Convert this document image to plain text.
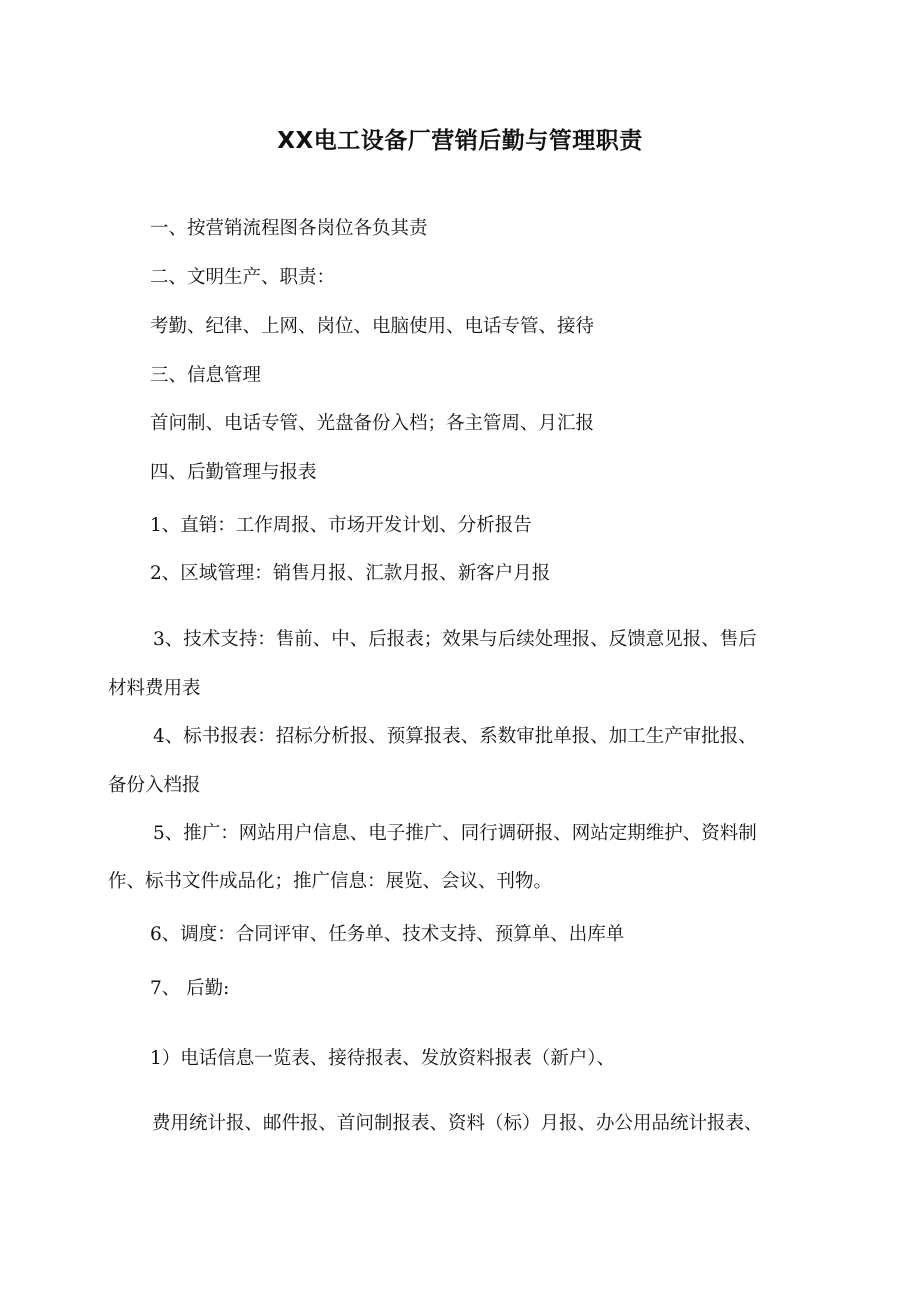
XX电工设备厂营销后勤与管理职责

一、按营销流程图各岗位各负其责

二、文明生产、职责：

考勤、纪律、上网、岗位、电脑使用、电话专管、接待

三、信息管理

首问制、电话专管、光盘备份入档；各主管周、月汇报

四、后勤管理与报表

1、直销：工作周报、市场开发计划、分析报告

2、区域管理：销售月报、汇款月报、新客户月报

3、技术支持：售前、中、后报表；效果与后续处理报、反馈意见报、售后

材料费用表

4、标书报表：招标分析报、预算报表、系数审批单报、加工生产审批报、

备份入档报

5、推广：网站用户信息、电子推广、同行调研报、网站定期维护、资料制

作、标书文件成品化；推广信息：展览、会议、刊物。

6、调度：合同评审、任务单、技术支持、预算单、出库单

7、 后勤:

1）电话信息一览表、接待报表、发放资料报表（新户）、

费用统计报、邮件报、首问制报表、资料（标）月报、办公用品统计报表、
